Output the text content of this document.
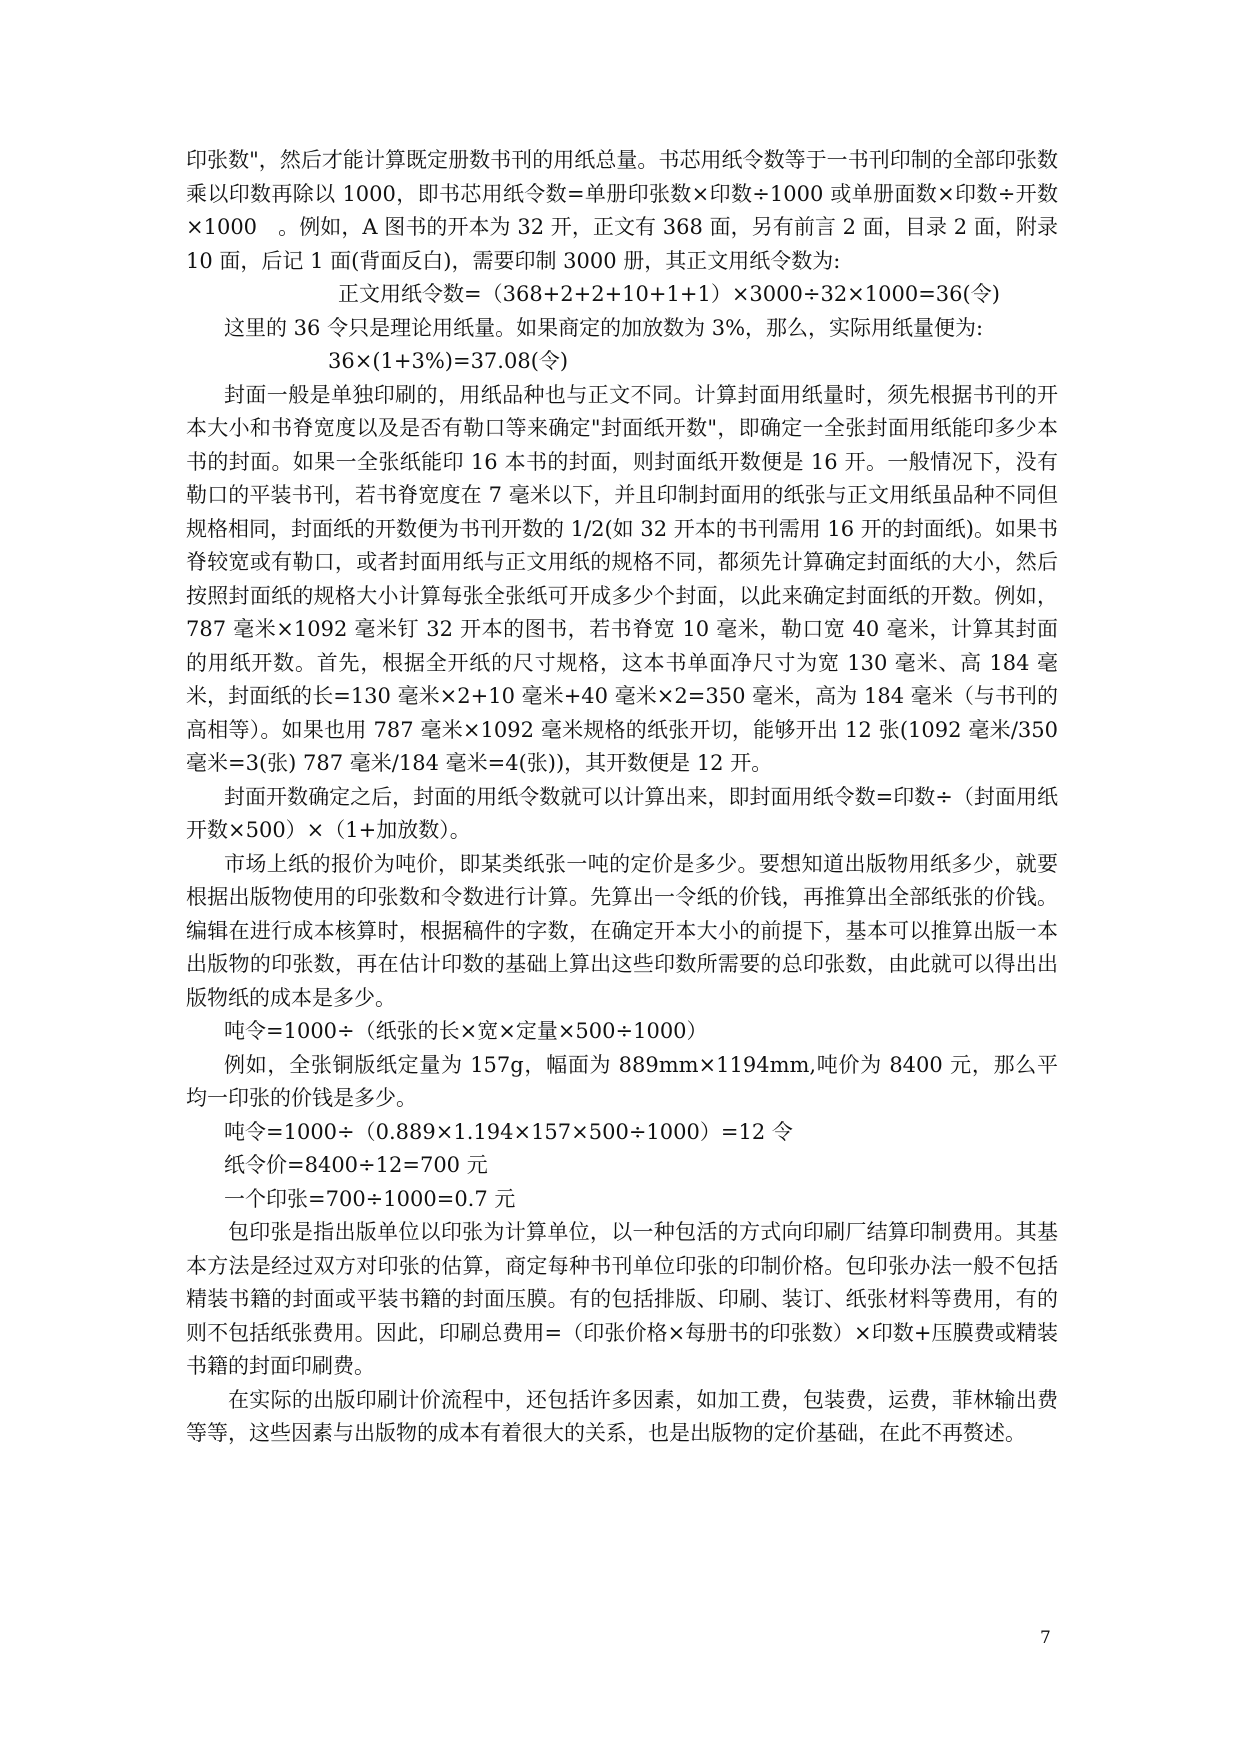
印张数"，然后才能计算既定册数书刊的用纸总量。书芯用纸令数等于一书刊印制的全部印张数乘以印数再除以 1000，即书芯用纸令数=单册印张数×印数÷1000 或单册面数×印数÷开数×1000　。例如，A 图书的开本为 32 开，正文有 368 面，另有前言 2 面，目录 2 面，附录 10 面，后记 1 面(背面反白)，需要印制 3000 册，其正文用纸令数为:

正文用纸令数=（368+2+2+10+1+1）×3000÷32×1000=36(令)

这里的 36 令只是理论用纸量。如果商定的加放数为 3%，那么，实际用纸量便为:

36×(1+3%)=37.08(令)

封面一般是单独印刷的，用纸品种也与正文不同。计算封面用纸量时，须先根据书刊的开本大小和书脊宽度以及是否有勒口等来确定"封面纸开数"，即确定一全张封面用纸能印多少本书的封面。如果一全张纸能印 16 本书的封面，则封面纸开数便是 16 开。一般情况下，没有勒口的平装书刊，若书脊宽度在 7 毫米以下，并且印制封面用的纸张与正文用纸虽品种不同但规格相同，封面纸的开数便为书刊开数的 1/2(如 32 开本的书刊需用 16 开的封面纸)。如果书脊较宽或有勒口，或者封面用纸与正文用纸的规格不同，都须先计算确定封面纸的大小，然后按照封面纸的规格大小计算每张全张纸可开成多少个封面，以此来确定封面纸的开数。例如，787 毫米×1092 毫米钉 32 开本的图书，若书脊宽 10 毫米，勒口宽 40 毫米，计算其封面的用纸开数。首先，根据全开纸的尺寸规格，这本书单面净尺寸为宽 130 毫米、高 184 毫米，封面纸的长=130 毫米×2+10 毫米+40 毫米×2=350 毫米，高为 184 毫米（与书刊的高相等）。如果也用 787 毫米×1092 毫米规格的纸张开切，能够开出 12 张(1092 毫米/350 毫米=3(张) 787 毫米/184 毫米=4(张))，其开数便是 12 开。

封面开数确定之后，封面的用纸令数就可以计算出来，即封面用纸令数=印数÷（封面用纸开数×500）×（1+加放数）。

市场上纸的报价为吨价，即某类纸张一吨的定价是多少。要想知道出版物用纸多少，就要根据出版物使用的印张数和令数进行计算。先算出一令纸的价钱，再推算出全部纸张的价钱。编辑在进行成本核算时，根据稿件的字数，在确定开本大小的前提下，基本可以推算出版一本出版物的印张数，再在估计印数的基础上算出这些印数所需要的总印张数，由此就可以得出出版物纸的成本是多少。

吨令=1000÷（纸张的长×宽×定量×500÷1000）

例如，全张铜版纸定量为 157g，幅面为 889mm×1194mm,吨价为 8400 元，那么平均一印张的价钱是多少。

吨令=1000÷（0.889×1.194×157×500÷1000）=12 令

纸令价=8400÷12=700 元

一个印张=700÷1000=0.7 元

包印张是指出版单位以印张为计算单位，以一种包活的方式向印刷厂结算印制费用。其基本方法是经过双方对印张的估算，商定每种书刊单位印张的印制价格。包印张办法一般不包括精装书籍的封面或平装书籍的封面压膜。有的包括排版、印刷、装订、纸张材料等费用，有的则不包括纸张费用。因此，印刷总费用=（印张价格×每册书的印张数）×印数+压膜费或精装书籍的封面印刷费。

在实际的出版印刷计价流程中，还包括许多因素，如加工费，包装费，运费，菲林输出费等等，这些因素与出版物的成本有着很大的关系，也是出版物的定价基础，在此不再赘述。

7
